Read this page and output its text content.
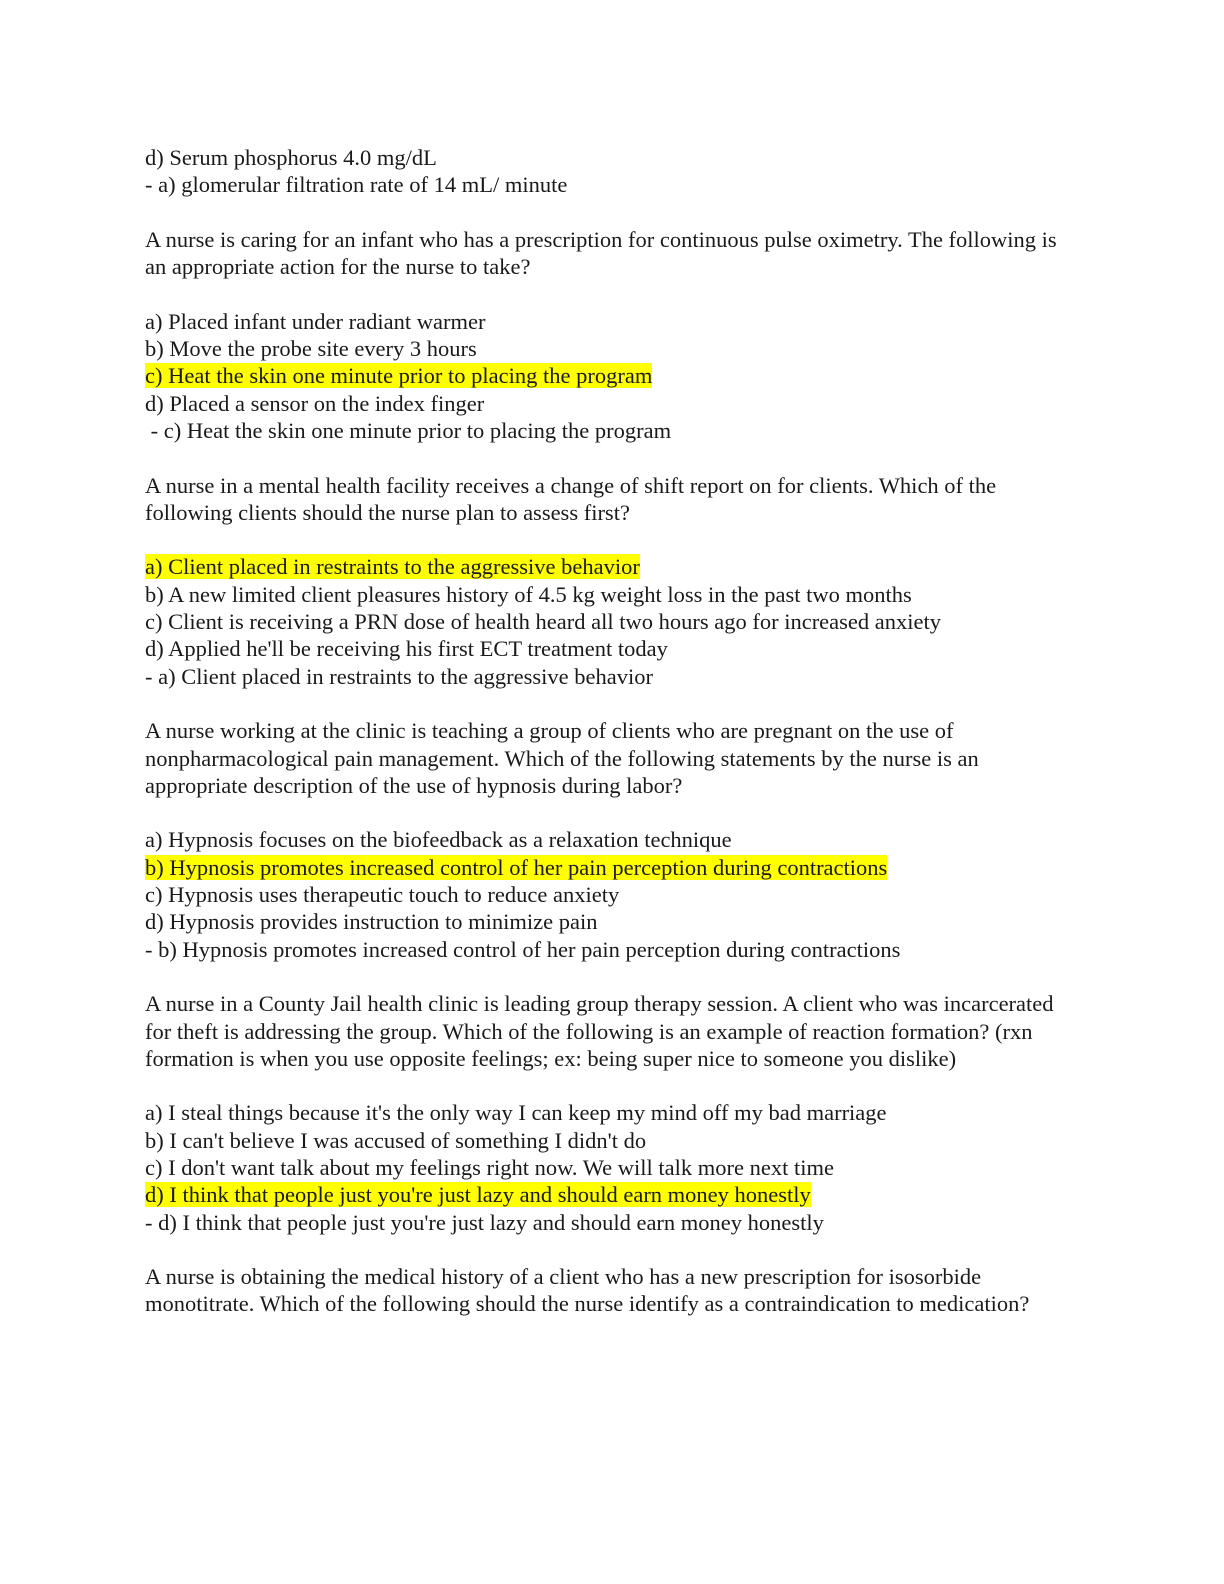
d) Serum phosphorus 4.0 mg/dL
- a) glomerular filtration rate of 14 mL/ minute
A nurse is caring for an infant who has a prescription for continuous pulse oximetry. The following is an appropriate action for the nurse to take?
a) Placed infant under radiant warmer
b) Move the probe site every 3 hours
c) Heat the skin one minute prior to placing the program
d) Placed a sensor on the index finger
- c) Heat the skin one minute prior to placing the program
A nurse in a mental health facility receives a change of shift report on for clients. Which of the following clients should the nurse plan to assess first?
a) Client placed in restraints to the aggressive behavior
b) A new limited client pleasures history of 4.5 kg weight loss in the past two months
c) Client is receiving a PRN dose of health heard all two hours ago for increased anxiety
d) Applied he'll be receiving his first ECT treatment today
- a) Client placed in restraints to the aggressive behavior
A nurse working at the clinic is teaching a group of clients who are pregnant on the use of nonpharmacological pain management. Which of the following statements by the nurse is an appropriate description of the use of hypnosis during labor?
a) Hypnosis focuses on the biofeedback as a relaxation technique
b) Hypnosis promotes increased control of her pain perception during contractions
c) Hypnosis uses therapeutic touch to reduce anxiety
d) Hypnosis provides instruction to minimize pain
- b) Hypnosis promotes increased control of her pain perception during contractions
A nurse in a County Jail health clinic is leading group therapy session. A client who was incarcerated for theft is addressing the group. Which of the following is an example of reaction formation? (rxn formation is when you use opposite feelings; ex: being super nice to someone you dislike)
a) I steal things because it's the only way I can keep my mind off my bad marriage
b) I can't believe I was accused of something I didn't do
c) I don't want talk about my feelings right now. We will talk more next time
d) I think that people just you're just lazy and should earn money honestly
- d) I think that people just you're just lazy and should earn money honestly
A nurse is obtaining the medical history of a client who has a new prescription for isosorbide monotitrate. Which of the following should the nurse identify as a contraindication to medication?
